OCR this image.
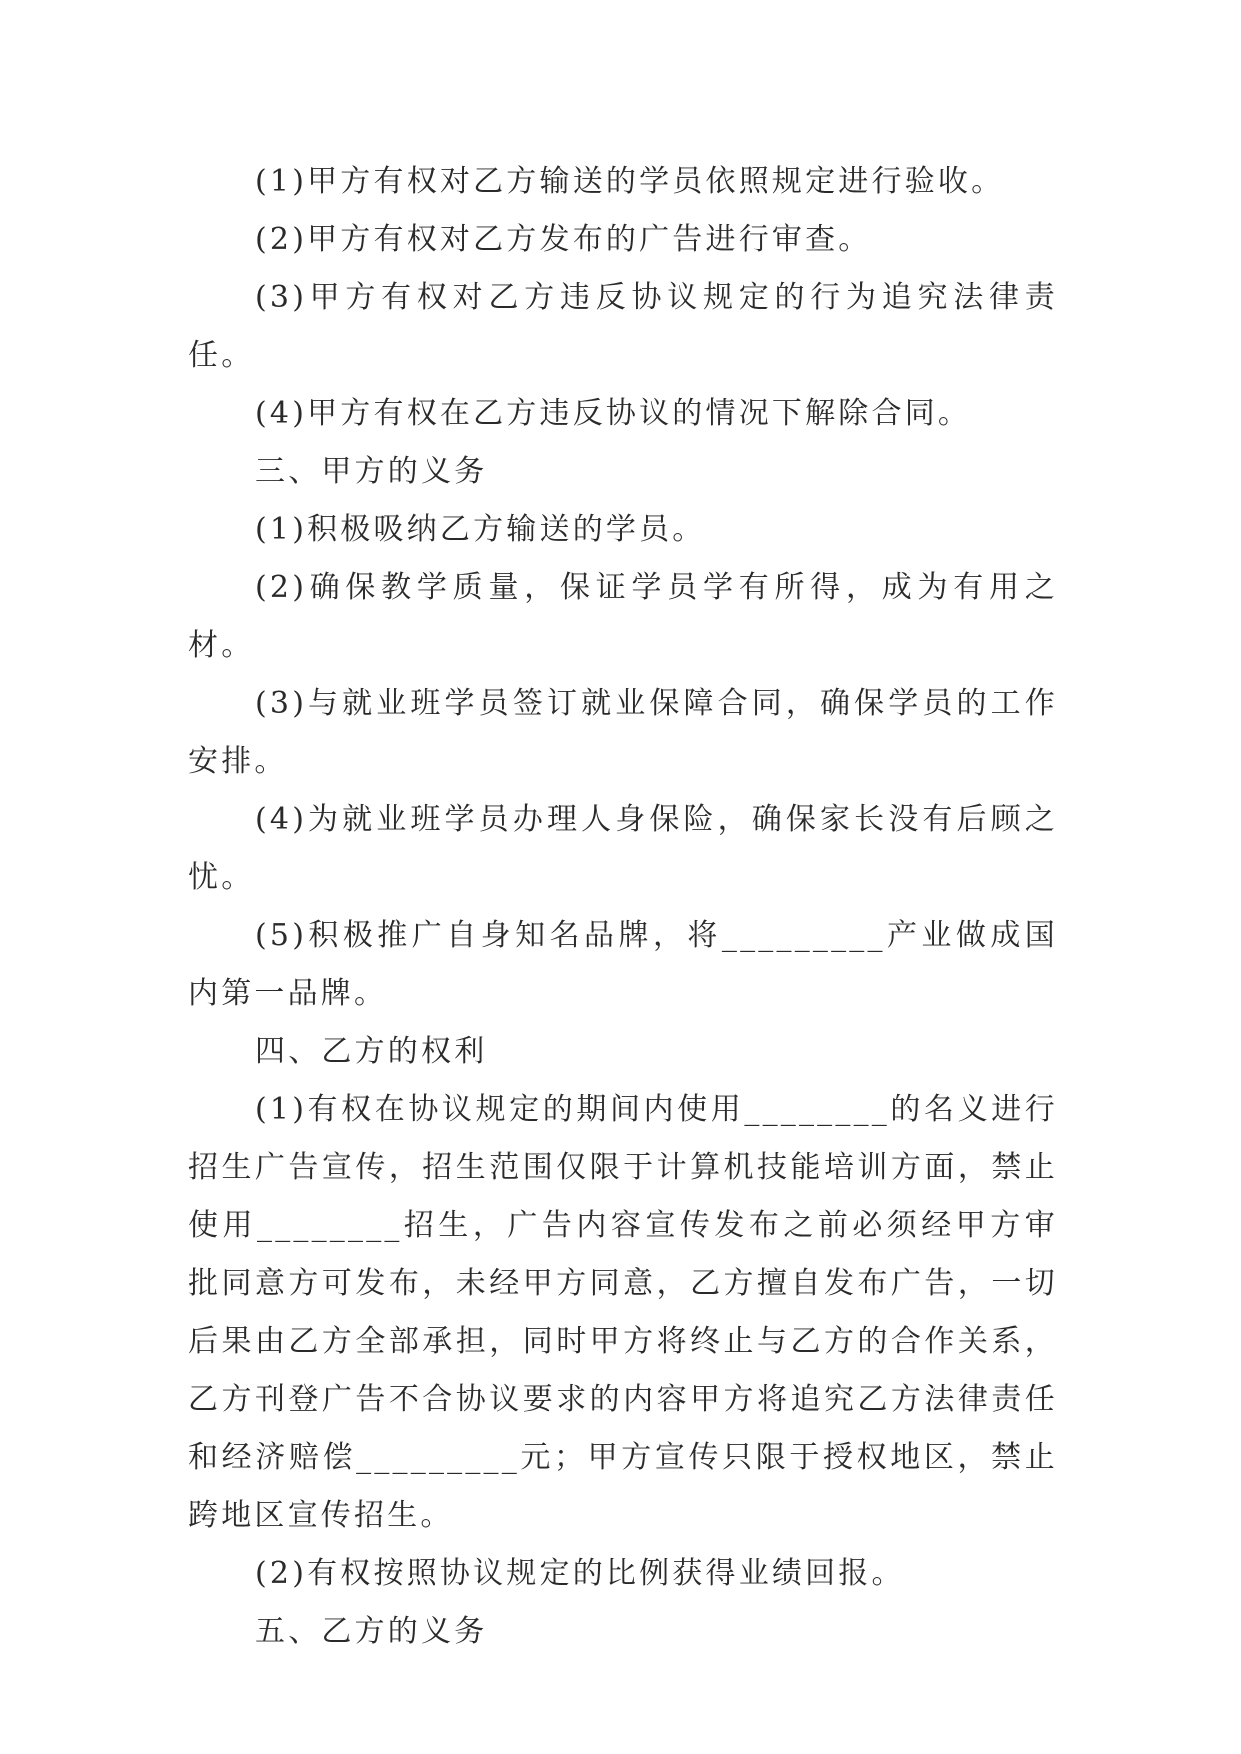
(1)甲方有权对乙方输送的学员依照规定进行验收。

(2)甲方有权对乙方发布的广告进行审查。

(3)甲方有权对乙方违反协议规定的行为追究法律责任。

(4)甲方有权在乙方违反协议的情况下解除合同。

三、甲方的义务

(1)积极吸纳乙方输送的学员。

(2)确保教学质量，保证学员学有所得，成为有用之材。

(3)与就业班学员签订就业保障合同，确保学员的工作安排。

(4)为就业班学员办理人身保险，确保家长没有后顾之忧。

(5)积极推广自身知名品牌，将_________产业做成国内第一品牌。

四、乙方的权利

(1)有权在协议规定的期间内使用________的名义进行招生广告宣传，招生范围仅限于计算机技能培训方面，禁止使用________招生，广告内容宣传发布之前必须经甲方审批同意方可发布，未经甲方同意，乙方擅自发布广告，一切后果由乙方全部承担，同时甲方将终止与乙方的合作关系，乙方刊登广告不合协议要求的内容甲方将追究乙方法律责任和经济赔偿_________元；甲方宣传只限于授权地区，禁止跨地区宣传招生。

(2)有权按照协议规定的比例获得业绩回报。

五、乙方的义务
